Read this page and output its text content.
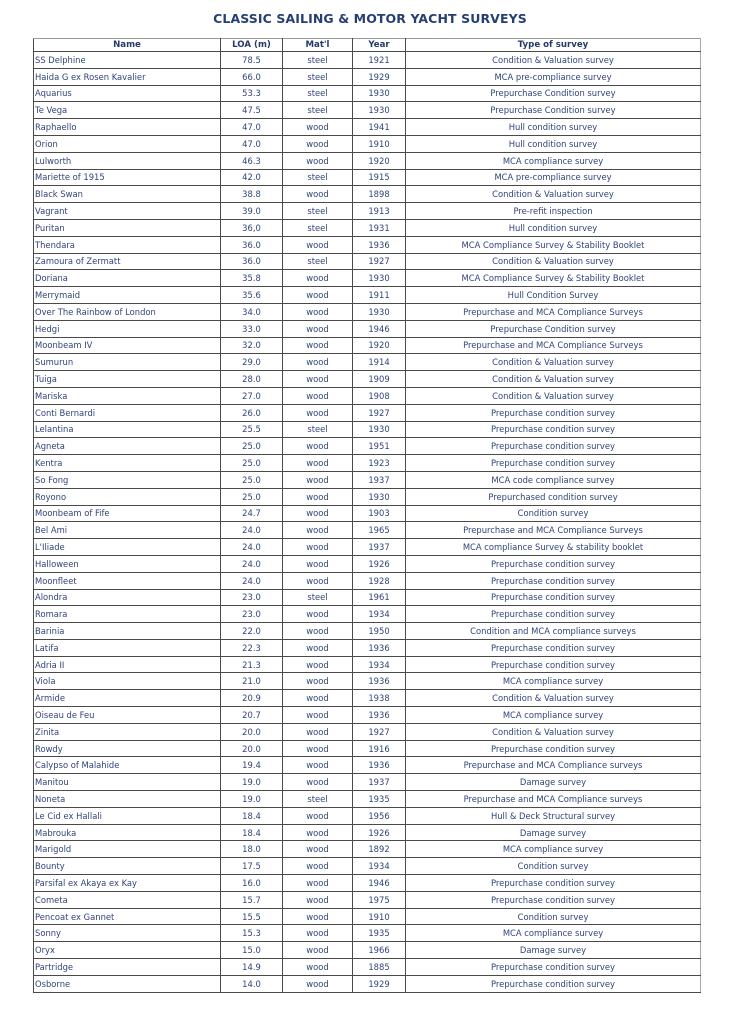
CLASSIC SAILING & MOTOR YACHT SURVEYS
Name	LOA (m)	Mat'l	Year	Type of survey
SS Delphine	78.5	steel	1921	Condition & Valuation survey
Haida G ex Rosen Kavalier	66.0	steel	1929	MCA pre-compliance survey
Aquarius	53.3	steel	1930	Prepurchase Condition survey
Te Vega	47.5	steel	1930	Prepurchase Condition survey
Raphaello	47.0	wood	1941	Hull condition survey
Orion	47.0	wood	1910	Hull condition survey
Lulworth	46.3	wood	1920	MCA compliance survey
Mariette of 1915	42.0	steel	1915	MCA pre-compliance survey
Black Swan	38.8	wood	1898	Condition & Valuation survey
Vagrant	39.0	steel	1913	Pre-refit inspection
Puritan	36,0	steel	1931	Hull condition survey
Thendara	36.0	wood	1936	MCA Compliance Survey & Stability Booklet
Zamoura of Zermatt	36.0	steel	1927	Condition & Valuation survey
Doriana	35.8	wood	1930	MCA Compliance Survey & Stability Booklet
Merrymaid	35.6	wood	1911	Hull Condition Survey
Over The Rainbow of London	34.0	wood	1930	Prepurchase and MCA Compliance Surveys
Hedgi	33.0	wood	1946	Prepurchase Condition survey
Moonbeam IV	32.0	wood	1920	Prepurchase and MCA Compliance Surveys
Sumurun	29.0	wood	1914	Condition & Valuation survey
Tuiga	28.0	wood	1909	Condition & Valuation survey
Mariska	27.0	wood	1908	Condition & Valuation survey
Conti Bernardi	26.0	wood	1927	Prepurchase condition survey
Lelantina	25.5	steel	1930	Prepurchase condition survey
Agneta	25.0	wood	1951	Prepurchase condition survey
Kentra	25.0	wood	1923	Prepurchase condition survey
So Fong	25.0	wood	1937	MCA code compliance survey
Royono	25.0	wood	1930	Prepurchased condition survey
Moonbeam of Fife	24.7	wood	1903	Condition survey
Bel Ami	24.0	wood	1965	Prepurchase and MCA Compliance Surveys
L'Iliade	24.0	wood	1937	MCA compliance Survey & stability booklet
Halloween	24.0	wood	1926	Prepurchase condition survey
Moonfleet	24.0	wood	1928	Prepurchase condition survey
Alondra	23.0	steel	1961	Prepurchase condition survey
Romara	23.0	wood	1934	Prepurchase condition survey
Barinia	22.0	wood	1950	Condition and MCA compliance surveys
Latifa	22.3	wood	1936	Prepurchase condition survey
Adria II	21.3	wood	1934	Prepurchase condition survey
Viola	21.0	wood	1936	MCA compliance survey
Armide	20.9	wood	1938	Condition & Valuation survey
Oiseau de Feu	20.7	wood	1936	MCA compliance survey
Zinita	20.0	wood	1927	Condition & Valuation survey
Rowdy	20.0	wood	1916	Prepurchase condition survey
Calypso of Malahide	19.4	wood	1936	Prepurchase and MCA Compliance surveys
Manitou	19.0	wood	1937	Damage survey
Noneta	19.0	steel	1935	Prepurchase and MCA Compliance surveys
Le Cid ex Hallali	18.4	wood	1956	Hull & Deck Structural survey
Mabrouka	18.4	wood	1926	Damage survey
Marigold	18.0	wood	1892	MCA compliance survey
Bounty	17.5	wood	1934	Condition survey
Parsifal ex Akaya ex Kay	16.0	wood	1946	Prepurchase condition survey
Cometa	15.7	wood	1975	Prepurchase condition survey
Pencoat ex Gannet	15.5	wood	1910	Condition survey
Sonny	15.3	wood	1935	MCA compliance survey
Oryx	15.0	wood	1966	Damage survey
Partridge	14.9	wood	1885	Prepurchase condition survey
Osborne	14.0	wood	1929	Prepurchase condition survey
